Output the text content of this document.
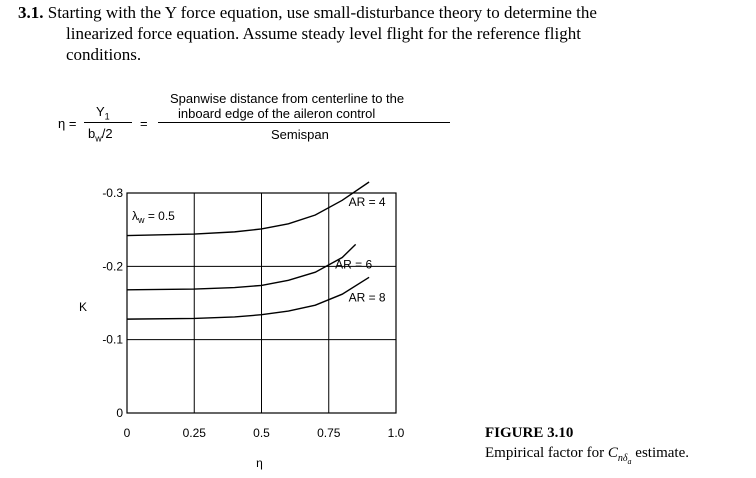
3.1. Starting with the Y force equation, use small-disturbance theory to determine the
linearized force equation. Assume steady level flight for the reference flight
conditions.
η =
$Y_1$
$b_w/2$
=
Spanwise distance from centerline to the
inboard edge of the aileron control
Semispan
0	0.25	0.5	0.75	1.0
0
-0.1
-0.2
-0.3
AR = 4
AR = 6
AR = 8
η
K
$\lambda_w = 0.5$
FIGURE 3.10
Empirical factor for $C_{n\delta_a}$ estimate.
